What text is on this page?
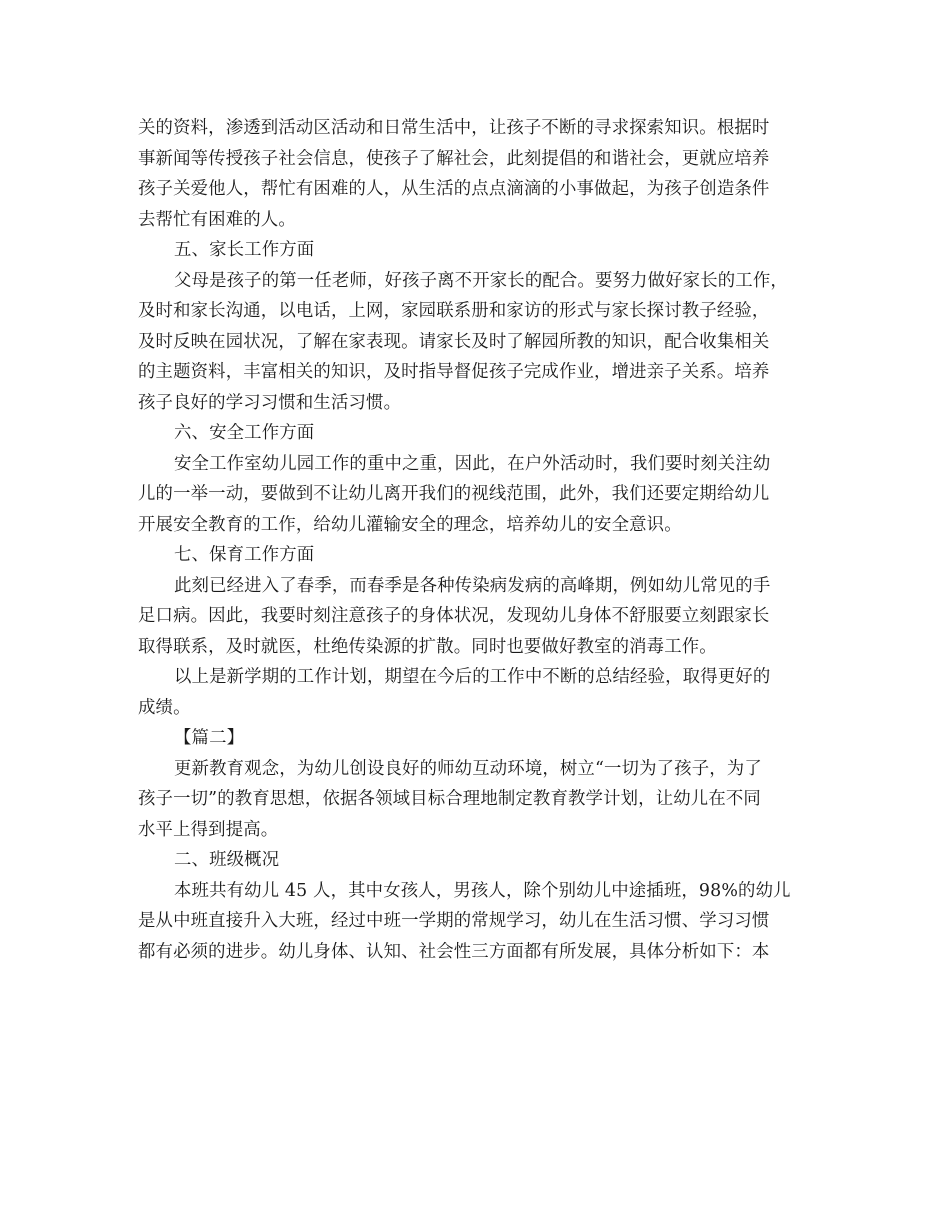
关的资料，渗透到活动区活动和日常生活中，让孩子不断的寻求探索知识。根据时
事新闻等传授孩子社会信息，使孩子了解社会，此刻提倡的和谐社会，更就应培养
孩子关爱他人，帮忙有困难的人，从生活的点点滴滴的小事做起，为孩子创造条件
去帮忙有困难的人。
五、家长工作方面
父母是孩子的第一任老师，好孩子离不开家长的配合。要努力做好家长的工作，
及时和家长沟通，以电话，上网，家园联系册和家访的形式与家长探讨教子经验，
及时反映在园状况，了解在家表现。请家长及时了解园所教的知识，配合收集相关
的主题资料，丰富相关的知识，及时指导督促孩子完成作业，增进亲子关系。培养
孩子良好的学习习惯和生活习惯。
六、安全工作方面
安全工作室幼儿园工作的重中之重，因此，在户外活动时，我们要时刻关注幼
儿的一举一动，要做到不让幼儿离开我们的视线范围，此外，我们还要定期给幼儿
开展安全教育的工作，给幼儿灌输安全的理念，培养幼儿的安全意识。
七、保育工作方面
此刻已经进入了春季，而春季是各种传染病发病的高峰期，例如幼儿常见的手
足口病。因此，我要时刻注意孩子的身体状况，发现幼儿身体不舒服要立刻跟家长
取得联系，及时就医，杜绝传染源的扩散。同时也要做好教室的消毒工作。
以上是新学期的工作计划，期望在今后的工作中不断的总结经验，取得更好的
成绩。
【篇二】
更新教育观念，为幼儿创设良好的师幼互动环境，树立“一切为了孩子，为了
孩子一切”的教育思想，依据各领域目标合理地制定教育教学计划，让幼儿在不同
水平上得到提高。
二、班级概况
本班共有幼儿 45 人，其中女孩人，男孩人，除个别幼儿中途插班，98%的幼儿
是从中班直接升入大班，经过中班一学期的常规学习，幼儿在生活习惯、学习习惯
都有必须的进步。幼儿身体、认知、社会性三方面都有所发展，具体分析如下：本
